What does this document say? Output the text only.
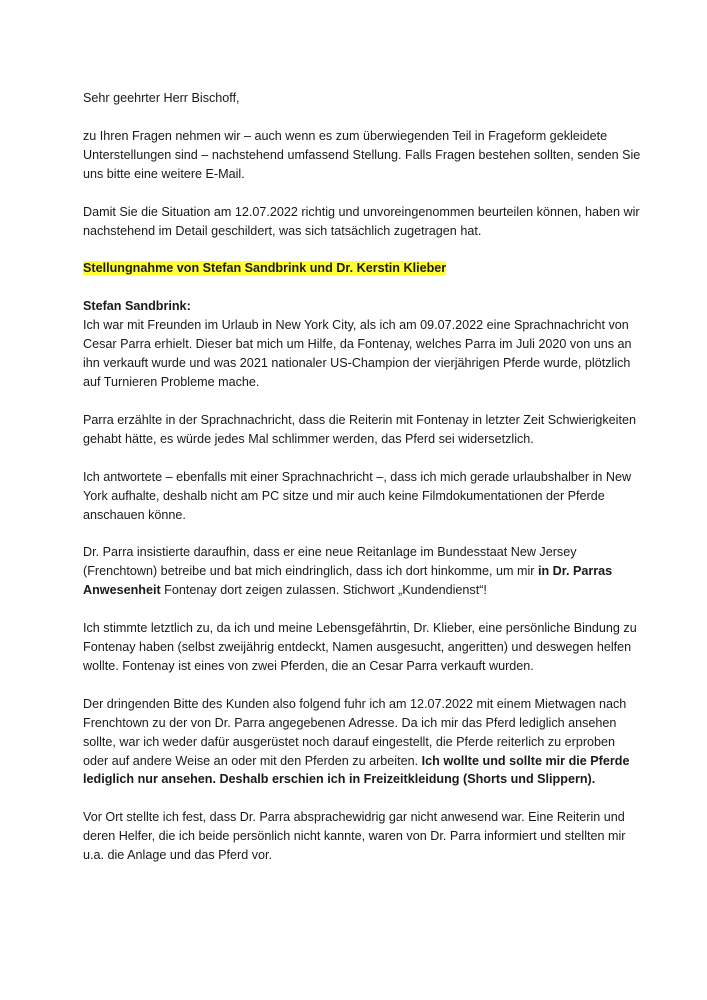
Sehr geehrter Herr Bischoff,

zu Ihren Fragen nehmen wir – auch wenn es zum überwiegenden Teil in Frageform gekleidete Unterstellungen sind – nachstehend umfassend Stellung. Falls Fragen bestehen sollten, senden Sie uns bitte eine weitere E-Mail.

Damit Sie die Situation am 12.07.2022 richtig und unvoreingenommen beurteilen können, haben wir nachstehend im Detail geschildert, was sich tatsächlich zugetragen hat.

Stellungnahme von Stefan Sandbrink und Dr. Kerstin Klieber

Stefan Sandbrink:
Ich war mit Freunden im Urlaub in New York City, als ich am 09.07.2022 eine Sprachnachricht von Cesar Parra erhielt. Dieser bat mich um Hilfe, da Fontenay, welches Parra im Juli 2020 von uns an ihn verkauft wurde und was 2021 nationaler US-Champion der vierjährigen Pferde wurde, plötzlich auf Turnieren Probleme mache.

Parra erzählte in der Sprachnachricht, dass die Reiterin mit Fontenay in letzter Zeit Schwierigkeiten gehabt hätte, es würde jedes Mal schlimmer werden, das Pferd sei widersetzlich.

Ich antwortete – ebenfalls mit einer Sprachnachricht –, dass ich mich gerade urlaubshalber in New York aufhalte, deshalb nicht am PC sitze und mir auch keine Filmdokumentationen der Pferde anschauen könne.

Dr. Parra insistierte daraufhin, dass er eine neue Reitanlage im Bundesstaat New Jersey (Frenchtown) betreibe und bat mich eindringlich, dass ich dort hinkomme, um mir in Dr. Parras Anwesenheit Fontenay dort zeigen zulassen. Stichwort „Kundendienst“!

Ich stimmte letztlich zu, da ich und meine Lebensgefährtin, Dr. Klieber, eine persönliche Bindung zu Fontenay haben (selbst zweijährig entdeckt, Namen ausgesucht, angeritten) und deswegen helfen wollte. Fontenay ist eines von zwei Pferden, die an Cesar Parra verkauft wurden.

Der dringenden Bitte des Kunden also folgend fuhr ich am 12.07.2022 mit einem Mietwagen nach Frenchtown zu der von Dr. Parra angegebenen Adresse. Da ich mir das Pferd lediglich ansehen sollte, war ich weder dafür ausgerüstet noch darauf eingestellt, die Pferde reiterlich zu erproben oder auf andere Weise an oder mit den Pferden zu arbeiten. Ich wollte und sollte mir die Pferde lediglich nur ansehen. Deshalb erschien ich in Freizeitkleidung (Shorts und Slippern).

Vor Ort stellte ich fest, dass Dr. Parra absprachewidrig gar nicht anwesend war. Eine Reiterin und deren Helfer, die ich beide persönlich nicht kannte, waren von Dr. Parra informiert und stellten mir u.a. die Anlage und das Pferd vor.
